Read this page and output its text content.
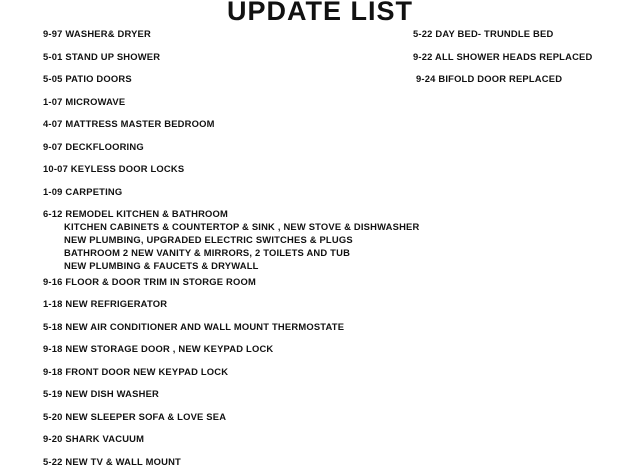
UPDATE LIST
9-97 WASHER& DRYER
5-01 STAND UP SHOWER
5-05 PATIO DOORS
1-07 MICROWAVE
4-07 MATTRESS MASTER BEDROOM
9-07 DECKFLOORING
10-07 KEYLESS DOOR LOCKS
1-09 CARPETING
6-12 REMODEL KITCHEN & BATHROOM
KITCHEN CABINETS & COUNTERTOP & SINK , NEW STOVE & DISHWASHER
NEW PLUMBING, UPGRADED ELECTRIC SWITCHES & PLUGS
BATHROOM 2 NEW VANITY & MIRRORS, 2 TOILETS AND TUB
NEW PLUMBING & FAUCETS & DRYWALL
9-16 FLOOR & DOOR TRIM IN STORGE ROOM
1-18 NEW REFRIGERATOR
5-18 NEW AIR CONDITIONER AND WALL MOUNT THERMOSTATE
9-18 NEW STORAGE DOOR , NEW KEYPAD LOCK
9-18 FRONT DOOR NEW KEYPAD LOCK
5-19 NEW DISH WASHER
5-20 NEW SLEEPER SOFA & LOVE SEA
9-20 SHARK VACUUM
5-22 NEW TV & WALL MOUNT
5-22 DAY BED- TRUNDLE BED
9-22 ALL SHOWER HEADS REPLACED
9-24 BIFOLD DOOR REPLACED
